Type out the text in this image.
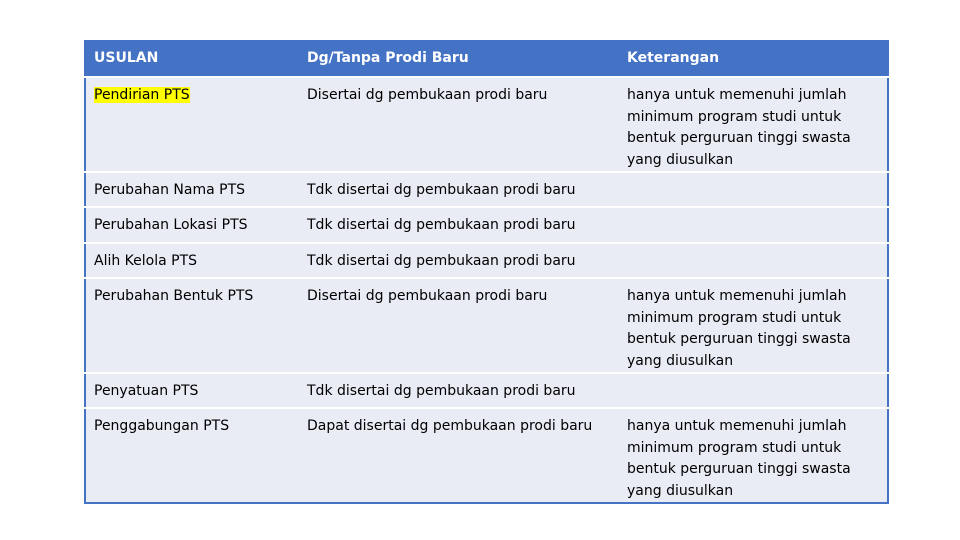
USULAN	Dg/Tanpa Prodi Baru	Keterangan
Pendirian PTS	Disertai dg pembukaan prodi baru	hanya untuk memenuhi jumlah minimum program studi untuk bentuk perguruan tinggi swasta yang diusulkan
Perubahan Nama PTS	Tdk disertai dg pembukaan prodi baru	
Perubahan Lokasi PTS	Tdk disertai dg pembukaan prodi baru	
Alih Kelola PTS	Tdk disertai dg pembukaan prodi baru	
Perubahan Bentuk PTS	Disertai dg pembukaan prodi baru	hanya untuk memenuhi jumlah minimum program studi untuk bentuk perguruan tinggi swasta yang diusulkan
Penyatuan PTS	Tdk disertai dg pembukaan prodi baru	
Penggabungan PTS	Dapat disertai dg pembukaan prodi baru	hanya untuk memenuhi jumlah minimum program studi untuk bentuk perguruan tinggi swasta yang diusulkan
